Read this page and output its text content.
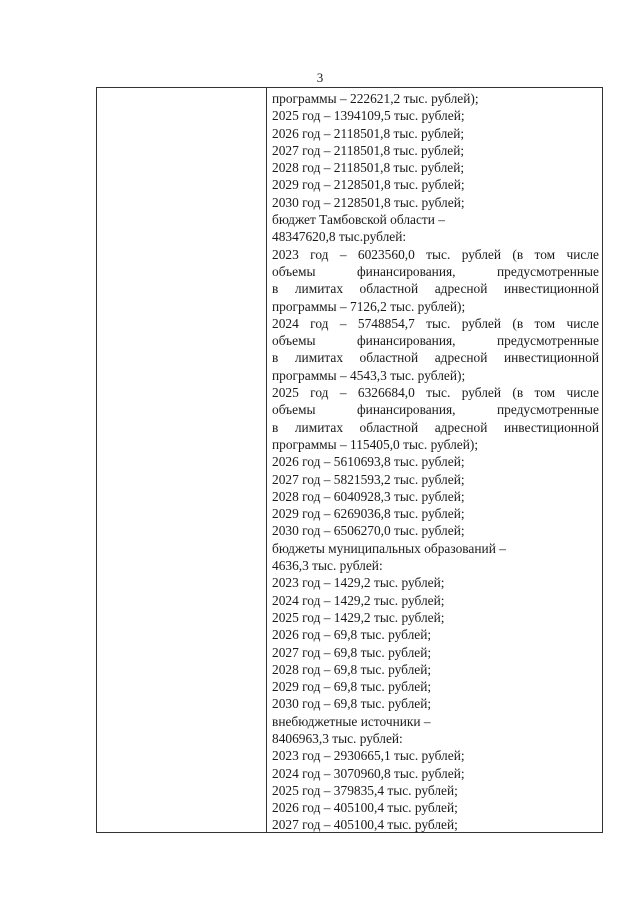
3
программы – 222621,2 тыс. рублей);
2025 год – 1394109,5 тыс. рублей;
2026 год – 2118501,8 тыс. рублей;
2027 год – 2118501,8 тыс. рублей;
2028 год – 2118501,8 тыс. рублей;
2029 год – 2128501,8 тыс. рублей;
2030 год – 2128501,8 тыс. рублей;
бюджет Тамбовской области –
48347620,8 тыс.рублей:
2023 год – 6023560,0 тыс. рублей (в том числе
объемы финансирования, предусмотренные
в лимитах областной адресной инвестиционной
программы – 7126,2 тыс. рублей);
2024 год – 5748854,7 тыс. рублей (в том числе
объемы финансирования, предусмотренные
в лимитах областной адресной инвестиционной
программы – 4543,3 тыс. рублей);
2025 год – 6326684,0 тыс. рублей (в том числе
объемы финансирования, предусмотренные
в лимитах областной адресной инвестиционной
программы – 115405,0 тыс. рублей);
2026 год – 5610693,8 тыс. рублей;
2027 год – 5821593,2 тыс. рублей;
2028 год – 6040928,3 тыс. рублей;
2029 год – 6269036,8 тыс. рублей;
2030 год – 6506270,0 тыс. рублей;
бюджеты муниципальных образований –
4636,3 тыс. рублей:
2023 год – 1429,2 тыс. рублей;
2024 год – 1429,2 тыс. рублей;
2025 год – 1429,2 тыс. рублей;
2026 год – 69,8 тыс. рублей;
2027 год – 69,8 тыс. рублей;
2028 год – 69,8 тыс. рублей;
2029 год – 69,8 тыс. рублей;
2030 год – 69,8 тыс. рублей;
внебюджетные источники –
8406963,3 тыс. рублей:
2023 год – 2930665,1 тыс. рублей;
2024 год – 3070960,8 тыс. рублей;
2025 год – 379835,4 тыс. рублей;
2026 год – 405100,4 тыс. рублей;
2027 год – 405100,4 тыс. рублей;
